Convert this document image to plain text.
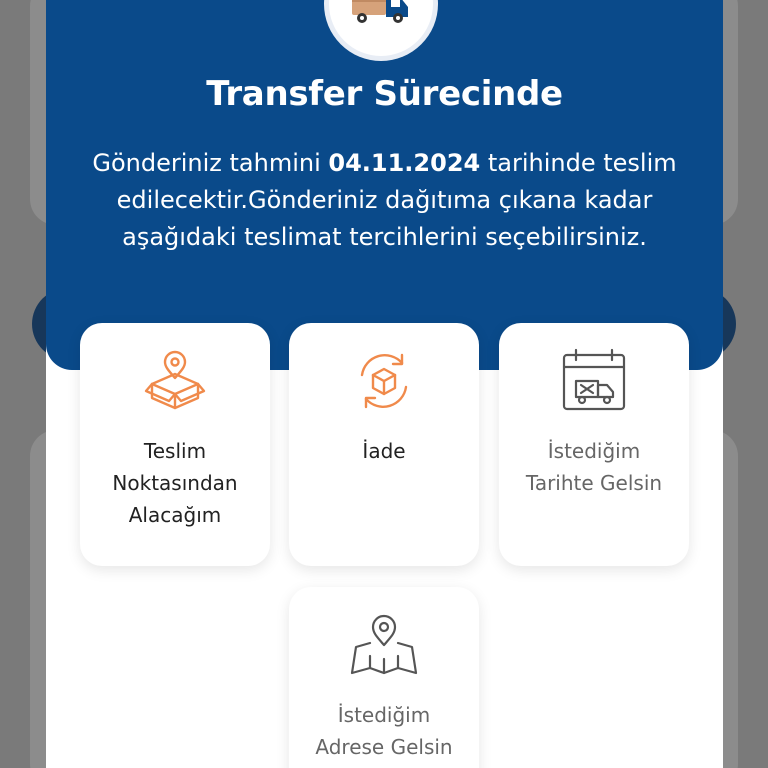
Transfer Sürecinde
Gönderiniz tahmini 04.11.2024 tarihinde teslim edilecektir.Gönderiniz dağıtıma çıkana kadar aşağıdaki teslimat tercihlerini seçebilirsiniz.
Teslim Noktasından Alacağım
İade	İstediğim Tarihte Gelsin
İstediğim Adrese Gelsin
